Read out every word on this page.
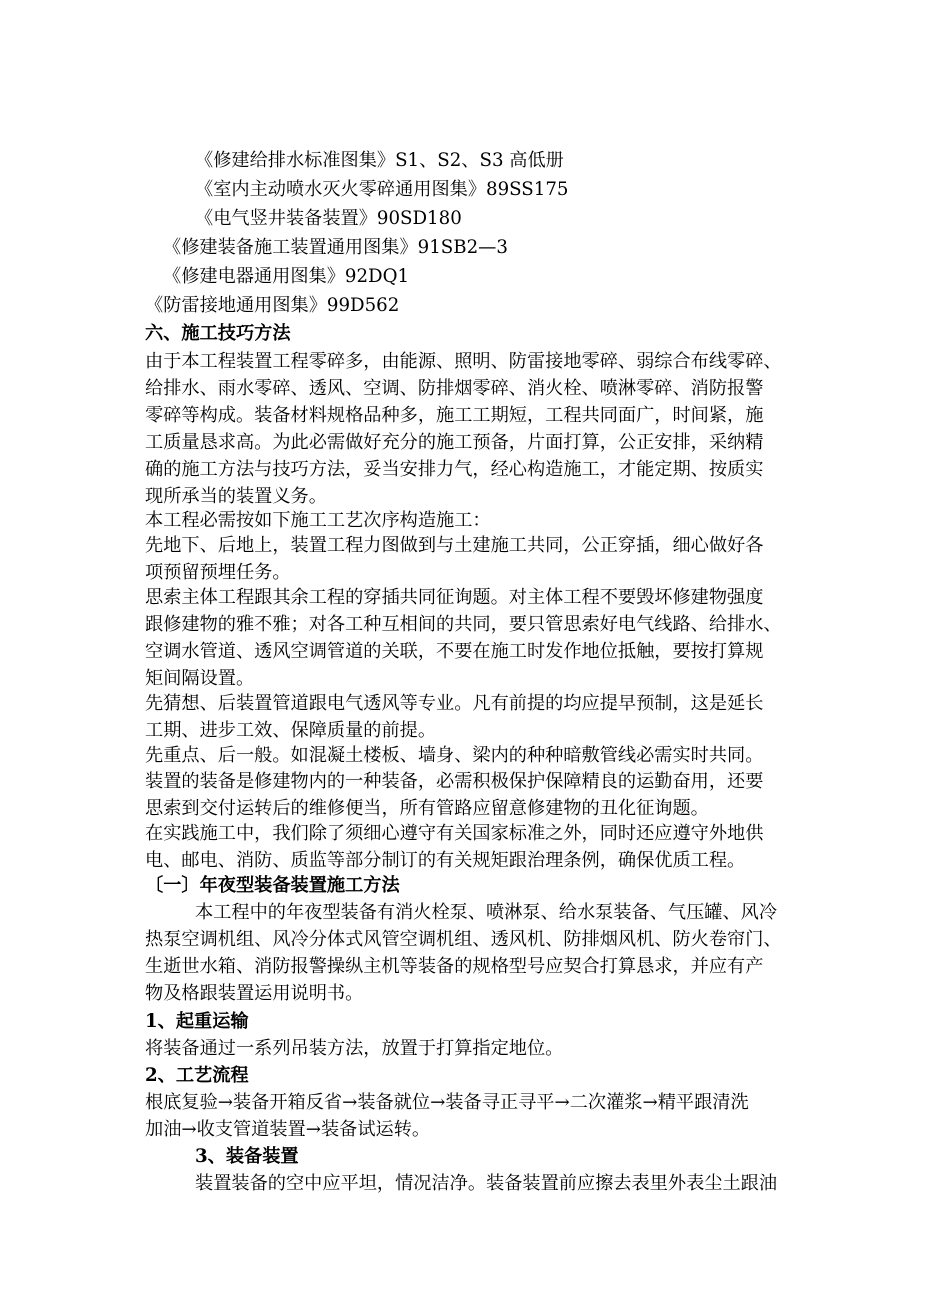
《修建给排水标准图集》S1、S2、S3 高低册

《室内主动喷水灭火零碎通用图集》89SS175

《电气竖井装备装置》90SD180

《修建装备施工装置通用图集》91SB2—3

《修建电器通用图集》92DQ1

《防雷接地通用图集》99D562

六、施工技巧方法

由于本工程装置工程零碎多，由能源、照明、防雷接地零碎、弱综合布线零碎、

给排水、雨水零碎、透风、空调、防排烟零碎、消火栓、喷淋零碎、消防报警

零碎等构成。装备材料规格品种多，施工工期短，工程共同面广，时间紧，施

工质量恳求高。为此必需做好充分的施工预备，片面打算，公正安排，采纳精

确的施工方法与技巧方法，妥当安排力气，经心构造施工，才能定期、按质实

现所承当的装置义务。

本工程必需按如下施工工艺次序构造施工：

先地下、后地上，装置工程力图做到与土建施工共同，公正穿插，细心做好各

项预留预埋任务。

思索主体工程跟其余工程的穿插共同征询题。对主体工程不要毁坏修建物强度

跟修建物的雅不雅；对各工种互相间的共同，要只管思索好电气线路、给排水、

空调水管道、透风空调管道的关联，不要在施工时发作地位抵触，要按打算规

矩间隔设置。

先猜想、后装置管道跟电气透风等专业。凡有前提的均应提早预制，这是延长

工期、进步工效、保障质量的前提。

先重点、后一般。如混凝土楼板、墙身、梁内的种种暗敷管线必需实时共同。

装置的装备是修建物内的一种装备，必需积极保护保障精良的运勤奋用，还要

思索到交付运转后的维修便当，所有管路应留意修建物的丑化征询题。

在实践施工中，我们除了须细心遵守有关国家标准之外，同时还应遵守外地供

电、邮电、消防、质监等部分制订的有关规矩跟治理条例，确保优质工程。

〔一〕年夜型装备装置施工方法

本工程中的年夜型装备有消火栓泵、喷淋泵、给水泵装备、气压罐、风冷

热泵空调机组、风冷分体式风管空调机组、透风机、防排烟风机、防火卷帘门、

生逝世水箱、消防报警操纵主机等装备的规格型号应契合打算恳求，并应有产

物及格跟装置运用说明书。

1、起重运输

将装备通过一系列吊装方法，放置于打算指定地位。

2、工艺流程

根底复验→装备开箱反省→装备就位→装备寻正寻平→二次灌浆→精平跟清洗

加油→收支管道装置→装备试运转。

3、装备装置

装置装备的空中应平坦，情况洁净。装备装置前应擦去表里外表尘土跟油
